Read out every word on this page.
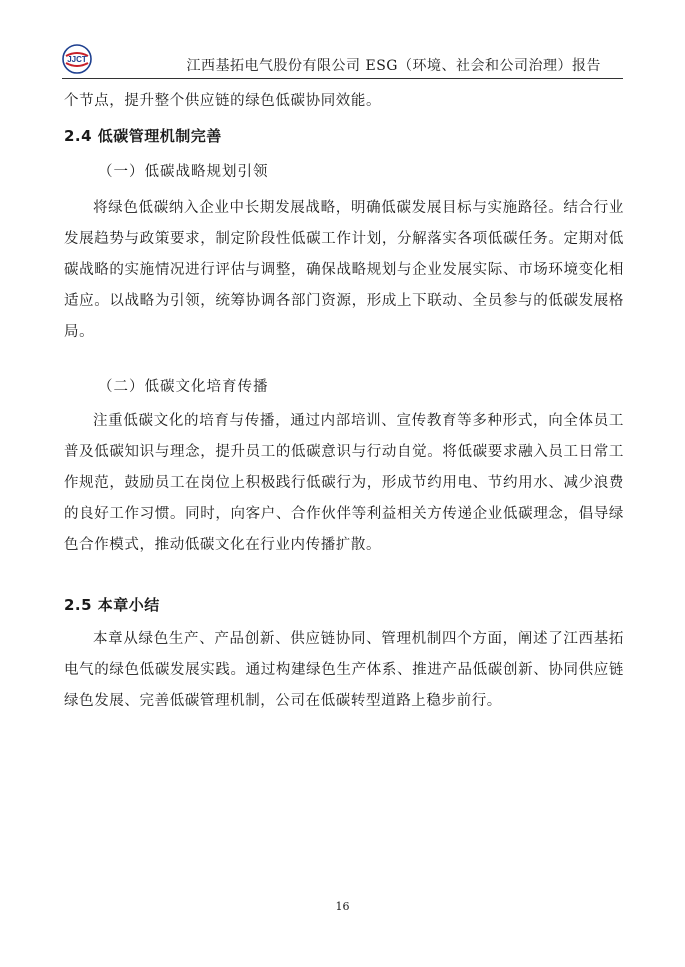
JJCT	江西基拓电气股份有限公司 ESG（环境、社会和公司治理）报告
个节点，提升整个供应链的绿色低碳协同效能。
2.4 低碳管理机制完善
（一）低碳战略规划引领
将绿色低碳纳入企业中长期发展战略，明确低碳发展目标与实施路径。结合行业发展趋势与政策要求，制定阶段性低碳工作计划，分解落实各项低碳任务。定期对低碳战略的实施情况进行评估与调整，确保战略规划与企业发展实际、市场环境变化相适应。以战略为引领，统筹协调各部门资源，形成上下联动、全员参与的低碳发展格局。
（二）低碳文化培育传播
注重低碳文化的培育与传播，通过内部培训、宣传教育等多种形式，向全体员工普及低碳知识与理念，提升员工的低碳意识与行动自觉。将低碳要求融入员工日常工作规范，鼓励员工在岗位上积极践行低碳行为，形成节约用电、节约用水、减少浪费的良好工作习惯。同时，向客户、合作伙伴等利益相关方传递企业低碳理念，倡导绿色合作模式，推动低碳文化在行业内传播扩散。
2.5 本章小结
本章从绿色生产、产品创新、供应链协同、管理机制四个方面，阐述了江西基拓电气的绿色低碳发展实践。通过构建绿色生产体系、推进产品低碳创新、协同供应链绿色发展、完善低碳管理机制，公司在低碳转型道路上稳步前行。
16
